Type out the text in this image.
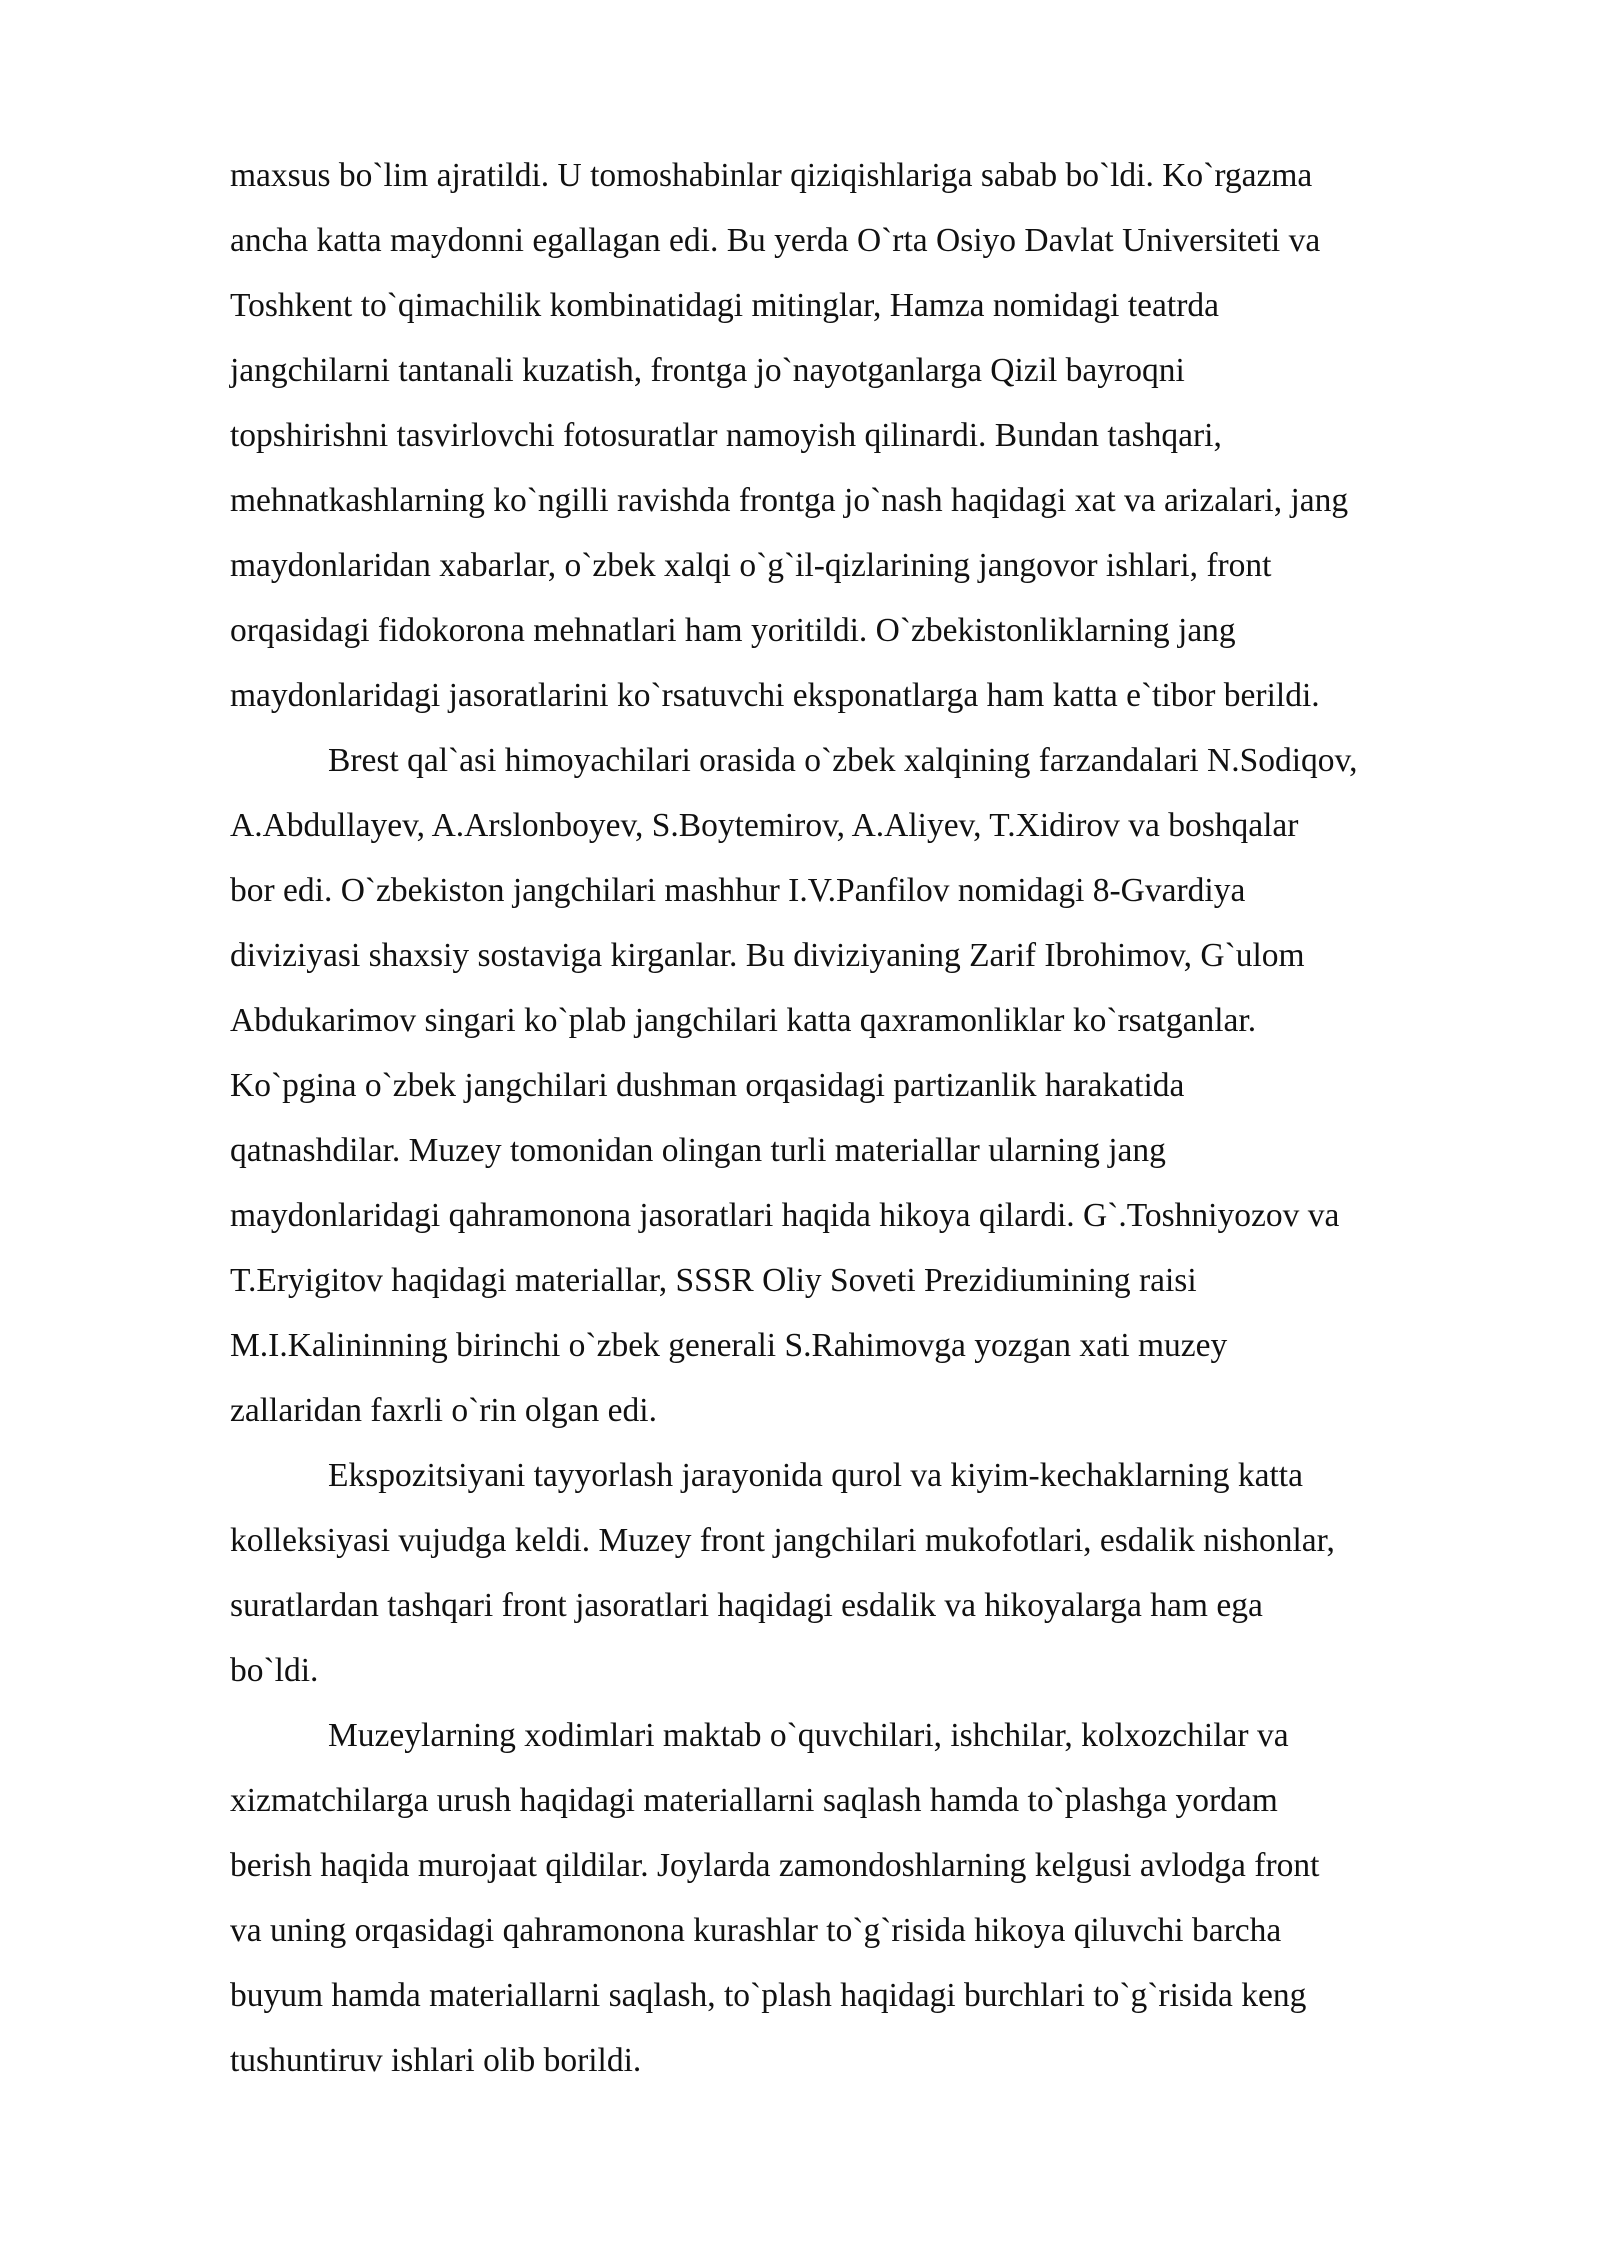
maxsus bo`lim ajratildi. U tomoshabinlar qiziqishlariga sabab bo`ldi. Ko`rgazma
ancha katta maydonni egallagan edi. Bu yerda O`rta Osiyo Davlat Universiteti va
Toshkent to`qimachilik kombinatidagi mitinglar, Hamza nomidagi teatrda
jangchilarni tantanali kuzatish, frontga jo`nayotganlarga Qizil bayroqni
topshirishni tasvirlovchi fotosuratlar namoyish qilinardi. Bundan tashqari,
mehnatkashlarning ko`ngilli ravishda frontga jo`nash haqidagi xat va arizalari, jang
maydonlaridan xabarlar, o`zbek xalqi o`g`il-qizlarining jangovor ishlari, front
orqasidagi fidokorona mehnatlari ham yoritildi. O`zbekistonliklarning jang
maydonlaridagi jasoratlarini ko`rsatuvchi eksponatlarga ham katta e`tibor berildi.
Brest qal`asi himoyachilari orasida o`zbek xalqining farzandalari N.Sodiqov,
A.Abdullayev, A.Arslonboyev, S.Boytemirov, A.Aliyev, T.Xidirov va boshqalar
bor edi. O`zbekiston jangchilari mashhur I.V.Panfilov nomidagi 8-Gvardiya
diviziyasi shaxsiy sostaviga kirganlar. Bu diviziyaning Zarif Ibrohimov, G`ulom
Abdukarimov singari ko`plab jangchilari katta qaxramonliklar ko`rsatganlar.
Ko`pgina o`zbek jangchilari dushman orqasidagi partizanlik harakatida
qatnashdilar. Muzey tomonidan olingan turli materiallar ularning jang
maydonlaridagi qahramonona jasoratlari haqida hikoya qilardi. G`.Toshniyozov va
T.Eryigitov haqidagi materiallar, SSSR Oliy Soveti Prezidiumining raisi
M.I.Kalininning birinchi o`zbek generali S.Rahimovga yozgan xati muzey
zallaridan faxrli o`rin olgan edi.
Ekspozitsiyani tayyorlash jarayonida qurol va kiyim-kechaklarning katta
kolleksiyasi vujudga keldi. Muzey front jangchilari mukofotlari, esdalik nishonlar,
suratlardan tashqari front jasoratlari haqidagi esdalik va hikoyalarga ham ega
bo`ldi.
Muzeylarning xodimlari maktab o`quvchilari, ishchilar, kolxozchilar va
xizmatchilarga urush haqidagi materiallarni saqlash hamda to`plashga yordam
berish haqida murojaat qildilar. Joylarda zamondoshlarning kelgusi avlodga front
va uning orqasidagi qahramonona kurashlar to`g`risida hikoya qiluvchi barcha
buyum hamda materiallarni saqlash, to`plash haqidagi burchlari to`g`risida keng
tushuntiruv ishlari olib borildi.
